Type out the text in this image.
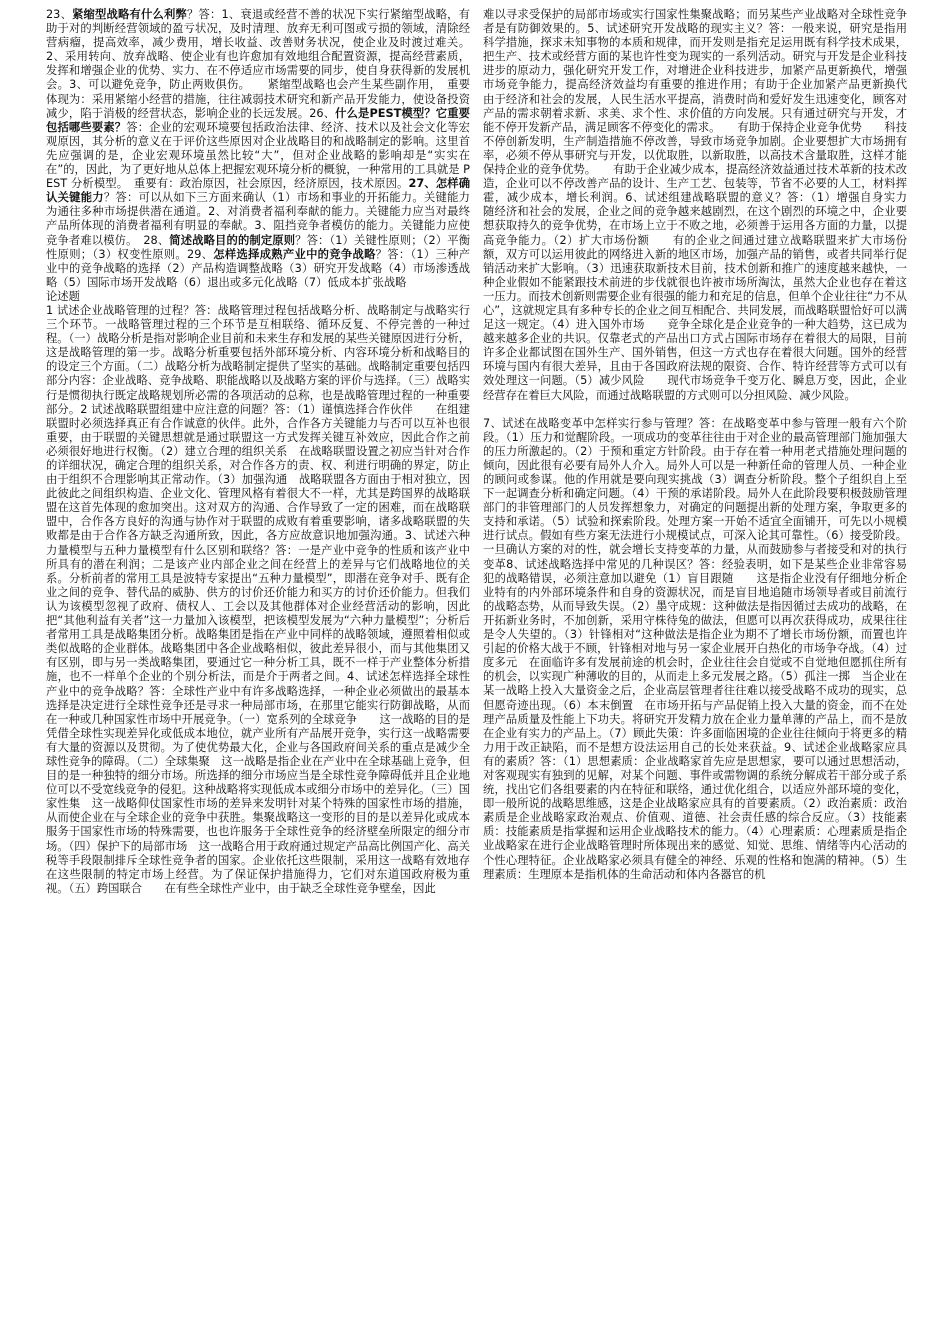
23、紧缩型战略有什么利弊？答：1、衰退或经营不善的状况下实行紧缩型战略，有助于对的判断经营领域的盈亏状况，及时清理、放弃无利可图或亏损的领域，清除经营病瘤，提高效率，减少费用，增长收益、改善财务状况，使企业及时渡过难关。2、采用转向、放弃战略、使企业有也许愈加有效地组合配置资源，提高经营素质，发挥和增强企业的优势、实力、在不停适应市场需要的同步，使自身获得新的发展机会。3、可以避免竞争，防止两败俱伤。　　紧缩型战略也会产生某些副作用，　重要体现为：采用紧缩小经营的措施，往往减弱技术研究和新产品开发能力，使设备投资减少，陷于消极的经营状态，影响企业的长远发展。26、什么是PEST模型？它重要包括哪些要素？答：企业的宏观环境要包括政治法律、经济、技术以及社会文化等宏观原因，其分析的意义在于评价这些原因对企业战略目的和战略制定的影响。这里首先应强调的是，企业宏观环境虽然比较“大”，但对企业战略的影响却是“实实在在”的，因此，为了更好地从总体上把握宏观环境分析的概貌，一种常用的工具就是 PEST 分析模型。　重要有：政治原因，社会原因，经济原因，技术原因。27、怎样确认关键能力？答：可以从如下三方面来确认（1）市场和事业的开拓能力。关键能力为通往多种市场提供潜在通道。2、对消费者福利奉献的能力。关键能力应当对最终产品所体现的消费者福利有明显的奉献。3、阻挡竞争者模仿的能力。关键能力应使竞争者难以模仿。　28、简述战略目的的制定原则？答：（1）关键性原则；（2）平衡性原则；（3）权变性原则。29、怎样选择成熟产业中的竞争战略？答：（1）三种产业中的竞争战略的选择（2）产品构造调整战略（3）研究开发战略（4）市场渗透战略（5）国际市场开发战略（6）退出或多元化战略（7）低成本扩张战略
论述题
1 试述企业战略管理的过程？答：战略管理过程包括战略分析、战略制定与战略实行三个环节。一战略管理过程的三个环节是互相联络、循环反复、不停完善的一种过程。（一）战略分析是指对影响企业目前和未来生存和发展的某些关键原因进行分析，这是战略管理的第一步。战略分析重要包括外部环境分析、内容环境分析和战略目的的设定三个方面。（二）战略分析为战略制定提供了坚实的基础。战略制定重要包括四部分内容：企业战略、竞争战略、职能战略以及战略方案的评价与选择。（三）战略实行是惯彻执行既定战略规划所必需的各项活动的总称，也是战略管理过程的一种重要部分。2 试述战略联盟组建中应注意的问题？答：（1）谨慎选择合作伙伴　　在组建联盟时必须选择真正有合作诚意的伙伴。此外，合作各方关键能力与否可以互补也很重要，由于联盟的关键思想就是通过联盟这一方式发挥关键互补效应，因此合作之前必须很好地进行权衡。（2）建立合理的组织关系　在战略联盟设置之初应当针对合作的详细状况，确定合理的组织关系，对合作各方的责、权、利进行明确的界定，防止由于组织不合理影响其正常动作。（3）加强沟通　战略联盟各方面由于相对独立，因此彼此之间组织构造、企业文化、管理风格有着很大不一样，尤其是跨国界的战略联盟在这首先体现的愈加突出。这对双方的沟通、合作导致了一定的困难，而在战略联盟中，合作各方良好的沟通与协作对于联盟的成败有着重要影响，诸多战略联盟的失败都是由于合作各方缺乏沟通所致，因此，各方应故意识地加强沟通。3、试述六种力量模型与五种力量模型有什么区别和联络？答：一是产业中竞争的性质和该产业中所具有的潜在利润；二是该产业内部企业之间在经营上的差异与它们战略地位的关系。分析前者的常用工具是波特专家提出“五种力量模型”，即潜在竞争对手、既有企业之间的竞争、替代品的威胁、供方的讨价还价能力和买方的讨价还价能力。但我们认为该模型忽视了政府、债权人、工会以及其他群体对企业经营活动的影响，因此把“其他利益有关者”这一力量加入该模型，把该模型发展为“六种力量模型”；分析后者常用工具是战略集团分析。战略集团是指在产业中同样的战略领域，遵照着相似或类似战略的企业群体。战略集团中各企业战略相似，彼此差异很小，而与其他集团又有区别，即与另一类战略集团，要通过它一种分析工具，既不一样于产业整体分析措施，也不一样单个企业的个别分析法，而是介于两者之间。4、试述怎样选择全球性产业中的竞争战略？答：全球性产业中有许多战略选择，一种企业必须做出的最基本选择是决定进行全球性竞争还是寻求一种局部市场，在那里它能实行防御战略，从而在一种或几种国家性市场中开展竞争。（一）宽系列的全球竞争　　这一战略的目的是凭借全球性实现差异化或低成本地位，就产业所有产品展开竞争，实行这一战略需要有大量的资源以及贯彻。为了使优势最大化，企业与各国政府间关系的重点是减少全球性竞争的障碍。（二）全球集聚　这一战略是指企业在产业中在全球基础上竞争，但目的是一种独特的细分市场。所选择的细分市场应当是全球性竞争障碍低并且企业地位可以不受宽线竞争的侵犯。这种战略将实现低成本或细分市场中的差异化。（三）国家性集　这一战略仰仗国家性市场的差异来发明针对某个特殊的国家性市场的措施，从而使企业在与全球企业的竞争中获胜。集聚战略这一变形的目的是以差异化或成本服务于国家性市场的特殊需要，也也许服务于全球性竞争的经济壁垒所限定的细分市场。（四）保护下的局部市场　这一战略合用于政府通过规定产品高比例国产化、高关税等手段限制排斥全球性竞争者的国家。企业依托这些限制，采用这一战略有效地存在这些限制的特定市场上经营。为了保证保护措施得力，它们对东道国政府极为重视。（五）跨国联合　　在有些全球性产业中，由于缺乏全球性竞争壁垒，因此
难以寻求受保护的局部市场或实行国家性集聚战略；而另某些产业战略对全球性竞争者是有防御效果的。5、试述研究开发战略的现实主义？答：一般来说，研究是指用科学措施，探求未知事物的本质和规律，而开发则是指充足运用既有科学技术成果，把生产、技术或经营方面的某也许性变为现实的一系列活动。研究与开发是企业科技进步的原动力，强化研究开发工作，对增进企业科技进步，加紧产品更新换代，增强市场竞争能力，提高经济效益均有重要的推进作用；有助于企业加紧产品更新换代　　由于经济和社会的发展，人民生活水平提高，消费时尚和爱好发生迅速变化，顾客对产品的需求朝着求新、求美、求个性、求价值的方向发展。只有通过研究与开发，才能不停开发新产品，满足顾客不停变化的需求。　　有助于保持企业竞争优势　　科技不停创新发明，生产制造措施不停改善，导致市场竞争加剧。企业要想扩大市场拥有率，必须不停从事研究与开发，以优取胜，以新取胜，以高技术含量取胜，这样才能保持企业的竞争优势。　　有助于企业减少成本，提高经济效益通过技术革新的技术改造，企业可以不停改善产品的设计、生产工艺、包装等，节省不必要的人工，材料挥霍，减少成本，增长利润。6、试述组建战略联盟的意义？答：（1）增强自身实力　随经济和社会的发展，企业之间的竞争越来越剧烈，在这个剧烈的环境之中，企业要想获取持久的竞争优势，在市场上立于不败之地，必须善于运用各方面的力量，以提高竞争能力。（2）扩大市场份额　　有的企业之间通过建立战略联盟来扩大市场份额，双方可以运用彼此的网络进入新的地区市场，加强产品的销售，或者共同举行促销活动来扩大影响。（3）迅速获取新技术目前，技术创新和推广的速度越来越快，一种企业假如不能紧跟技术前进的步伐就很也许被市场所淘汰，虽然大企业也存在着这一压力。而技术创新则需要企业有很强的能力和充足的信息，但单个企业往往“力不从心”，这就规定具有多种专长的企业之间互相配合、共同发展，而战略联盟恰好可以满足这一规定。（4）进入国外市场　　竞争全球化是企业竞争的一种大趋势，这已成为越来越多企业的共识。仅靠老式的产品出口方式占国际市场存在着很大的局限，目前许多企业都试图在国外生产、国外销售，但这一方式也存在着很大问题。国外的经营环境与国内有很大差异，且由于各国政府法规的限资、合作、特许经营等方式可以有效处理这一问题。（5）减少风险　　现代市场竞争千变万化、瞬息万变，因此，企业经营存在着巨大风险，而通过战略联盟的方式则可以分担风险、减少风险。
7、试述在战略变革中怎样实行参与管理？答：在战略变革中参与管理一般有六个阶段。（1）压力和觉醒阶段。一项成功的变革往往由于对企业的最高管理部门施加强大的压力所激起的。（2）于预和重定方针阶段。由于存在着一种用老式措施处理问题的倾向，因此很有必要有局外人介入。局外人可以是一种新任命的管理人员、一种企业的顾问或参谋。他的作用就是要向现实挑战（3）调查分析阶段。整个子组织自上至下一起调查分析和确定问题。（4）干预的承诺阶段。局外人在此阶段要积极鼓励管理部门的非管理部门的人员发挥想象力，对确定的问题提出新的处理方案，争取更多的支持和承诺。（5）试验和探索阶段。处理方案一开始不适宜全面铺开，可先以小规模进行试点。假如有些方案无法进行小规模试点，可深入论其可靠性。（6）接受阶段。一旦确认方案的对的性，就会增长支持变革的力量，从而鼓励参与者接受和对的执行变革8、试述战略选择中常见的几种误区？答：经验表明，如下是某些企业非常容易犯的战略错误，必须注意加以避免（1）盲目跟随　　这是指企业没有仔细地分析企业特有的内外部环境条件和自身的资源状况，而是盲目地追随市场领导者或目前流行的战略态势，从而导致失误。（2）墨守成规：这种做法是指因循过去成功的战略，在开拓新业务时，不加创新，采用守株待兔的做法，但愿可以再次获得成功，成果往往是令人失望的。（3）针锋相对“这种做法是指企业为期不了增长市场份额，而置也许引起的价格大战于不顾，针锋相对地与另一家企业展开白热化的市场争夺战。（4）过度多元　在面临许多有发展前途的机会时，企业往往会自觉或不自觉地但愿抓住所有的机会，以实现广种薄收的目的，从而走上多元发展之路。（5）孤注一掷　当企业在某一战略上投入大量资金之后，企业高层管理者往往难以接受战略不成功的现实，总　但愿奇迹出现。（6）本末倒置　在市场开拓与产品促销上投入大量的资金，而不在处理产品质量及性能上下功夫。将研究开发精力放在企业力量单薄的产品上，而不是放在企业有实力的产品上。（7）顾此失策：许多面临困境的企业往往倾向于将更多的精力用于改正缺陷，而不是想方设法运用自己的长处来获益。9、试述企业战略家应具有的素质？答：（1）思想素质：企业战略家首先应是思想家，要可以通过思想活动，对客观现实有独到的见解，对某个问题、事件或需物调的系统分解成若干部分或子系统，找出它们各组要素的内在特征和联络，通过优化组合，以适应外部环境的变化，即一般所说的战略思维感，这是企业战略家应具有的首要素质。（2）政治素质：政治素质是企业战略家政治观点、价值观、道德、社会责任感的综合反应。（3）技能素质：技能素质是指掌握和运用企业战略技术的能力。（4）心理素质：心理素质是指企业战略家在进行企业战略管理时所体现出来的感觉、知觉、思维、情绪等内心活动的个性心理特征。企业战略家必须具有健全的神经、乐观的性格和饱满的精神。（5）生理素质：生理原本是指机体的生命活动和体内各器官的机
